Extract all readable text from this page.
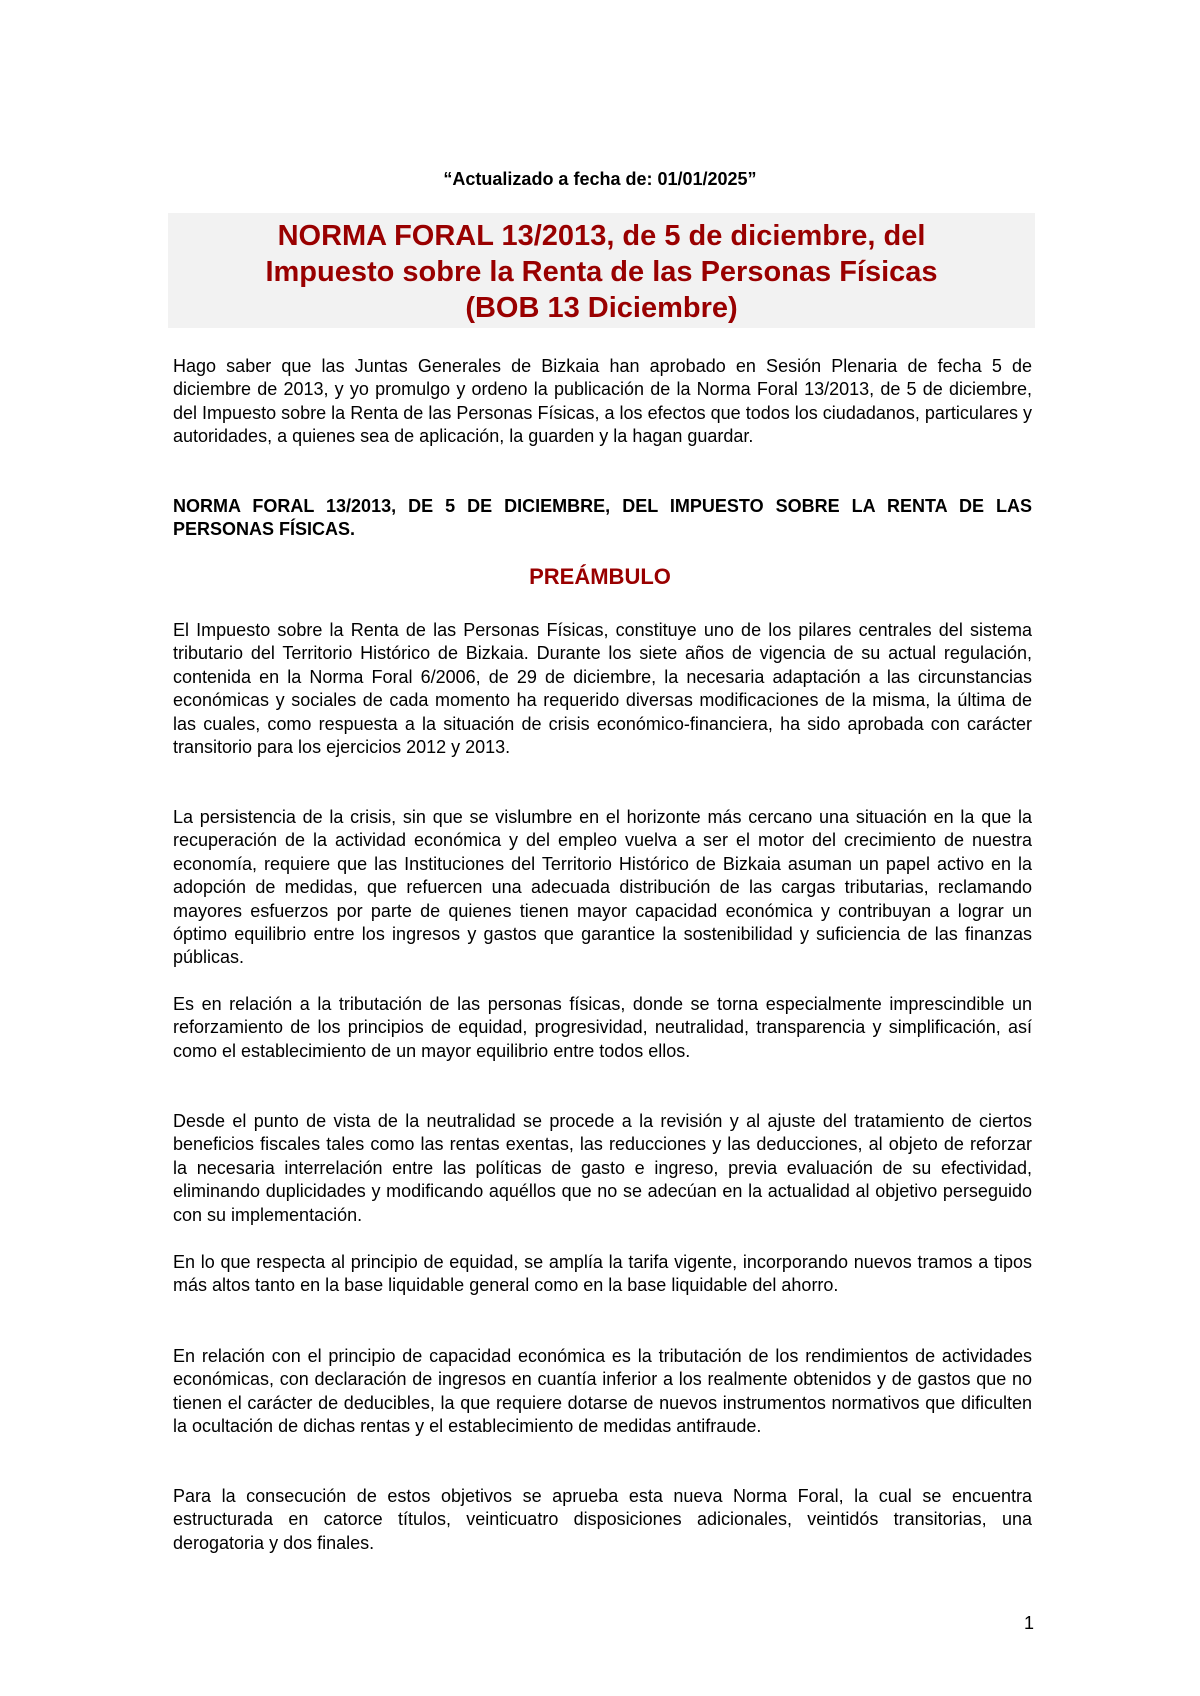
“Actualizado a fecha de: 01/01/2025”
NORMA FORAL 13/2013, de 5 de diciembre, del
Impuesto sobre la Renta de las Personas Físicas
(BOB 13 Diciembre)

Hago saber que las Juntas Generales de Bizkaia han aprobado en Sesión Plenaria de fecha 5 de diciembre de 2013, y yo promulgo y ordeno la publicación de la Norma Foral 13/2013, de 5 de diciembre, del Impuesto sobre la Renta de las Personas Físicas, a los efectos que todos los ciudadanos, particulares y autoridades, a quienes sea de aplicación, la guarden y la hagan guardar.

NORMA FORAL 13/2013, DE 5 DE DICIEMBRE, DEL IMPUESTO SOBRE LA RENTA DE LAS PERSONAS FÍSICAS.

PREÁMBULO

El Impuesto sobre la Renta de las Personas Físicas, constituye uno de los pilares centrales del sistema tributario del Territorio Histórico de Bizkaia. Durante los siete años de vigencia de su actual regulación, contenida en la Norma Foral 6/2006, de 29 de diciembre, la necesaria adaptación a las circunstancias económicas y sociales de cada momento ha requerido diversas modificaciones de la misma, la última de las cuales, como respuesta a la situación de crisis económico-financiera, ha sido aprobada con carácter transitorio para los ejercicios 2012 y 2013.

La persistencia de la crisis, sin que se vislumbre en el horizonte más cercano una situación en la que la recuperación de la actividad económica y del empleo vuelva a ser el motor del crecimiento de nuestra economía, requiere que las Instituciones del Territorio Histórico de Bizkaia asuman un papel activo en la adopción de medidas, que refuercen una adecuada distribución de las cargas tributarias, reclamando mayores esfuerzos por parte de quienes tienen mayor capacidad económica y contribuyan a lograr un óptimo equilibrio entre los ingresos y gastos que garantice la sostenibilidad y suficiencia de las finanzas públicas.

Es en relación a la tributación de las personas físicas, donde se torna especialmente imprescindible un reforzamiento de los principios de equidad, progresividad, neutralidad, transparencia y simplificación, así como el establecimiento de un mayor equilibrio entre todos ellos.

Desde el punto de vista de la neutralidad se procede a la revisión y al ajuste del tratamiento de ciertos beneficios fiscales tales como las rentas exentas, las reducciones y las deducciones, al objeto de reforzar la necesaria interrelación entre las políticas de gasto e ingreso, previa evaluación de su efectividad, eliminando duplicidades y modificando aquéllos que no se adecúan en la actualidad al objetivo perseguido con su implementación.

En lo que respecta al principio de equidad, se amplía la tarifa vigente, incorporando nuevos tramos a tipos más altos tanto en la base liquidable general como en la base liquidable del ahorro.

En relación con el principio de capacidad económica es la tributación de los rendimientos de actividades económicas, con declaración de ingresos en cuantía inferior a los realmente obtenidos y de gastos que no tienen el carácter de deducibles, la que requiere dotarse de nuevos instrumentos normativos que dificulten la ocultación de dichas rentas y el establecimiento de medidas antifraude.

Para la consecución de estos objetivos se aprueba esta nueva Norma Foral, la cual se encuentra estructurada en catorce títulos, veinticuatro disposiciones adicionales, veintidós transitorias, una derogatoria y dos finales.

1
